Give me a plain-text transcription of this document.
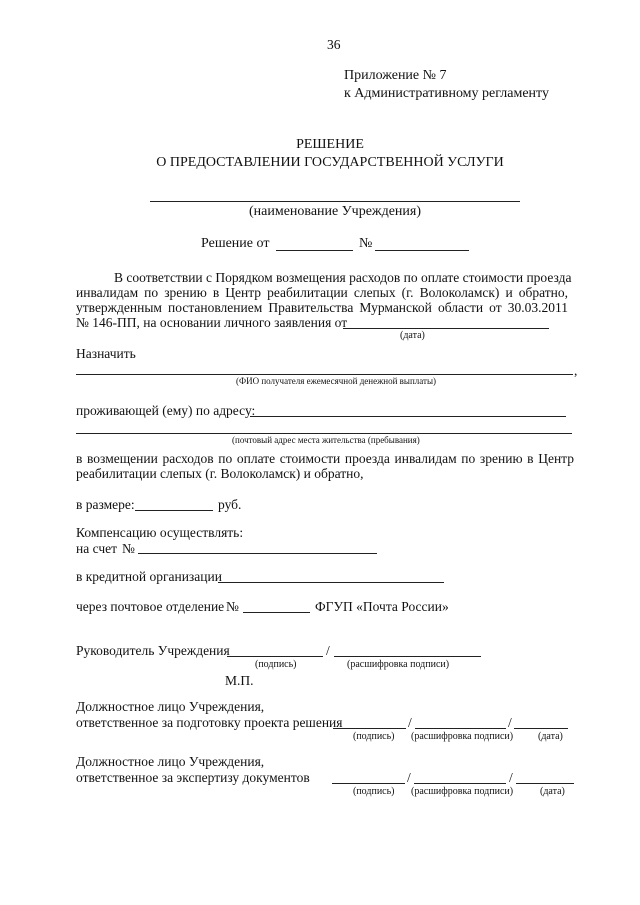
36
Приложение № 7
к Административному регламенту
РЕШЕНИЕ
О ПРЕДОСТАВЛЕНИИ ГОСУДАРСТВЕННОЙ УСЛУГИ
(наименование Учреждения)
Решение от	№
В соответствии с Порядком возмещения расходов по оплате стоимости проезда
инвалидам по зрению в Центр реабилитации слепых (г. Волоколамск) и обратно,
утвержденным постановлением Правительства Мурманской области от 30.03.2011
№ 146-ПП, на основании личного заявления от
(дата)
Назначить
,
(ФИО получателя ежемесячной денежной выплаты)
проживающей (ему) по адресу:
(почтовый адрес места жительства (пребывания)
в возмещении расходов по оплате стоимости проезда инвалидам по зрению в Центр
реабилитации слепых (г. Волоколамск) и обратно,
в размере:	руб.
Компенсацию осуществлять:
на счет №
в кредитной организации
через почтовое отделение №	ФГУП «Почта России»
Руководитель Учреждения	/
(подпись)	(расшифровка подписи)
М.П.
Должностное лицо Учреждения,
ответственное за подготовку проекта решения	/	/
(подпись) (расшифровка подписи) (дата)
Должностное лицо Учреждения,
ответственное за экспертизу документов	/	/
(подпись) (расшифровка подписи)	(дата)
